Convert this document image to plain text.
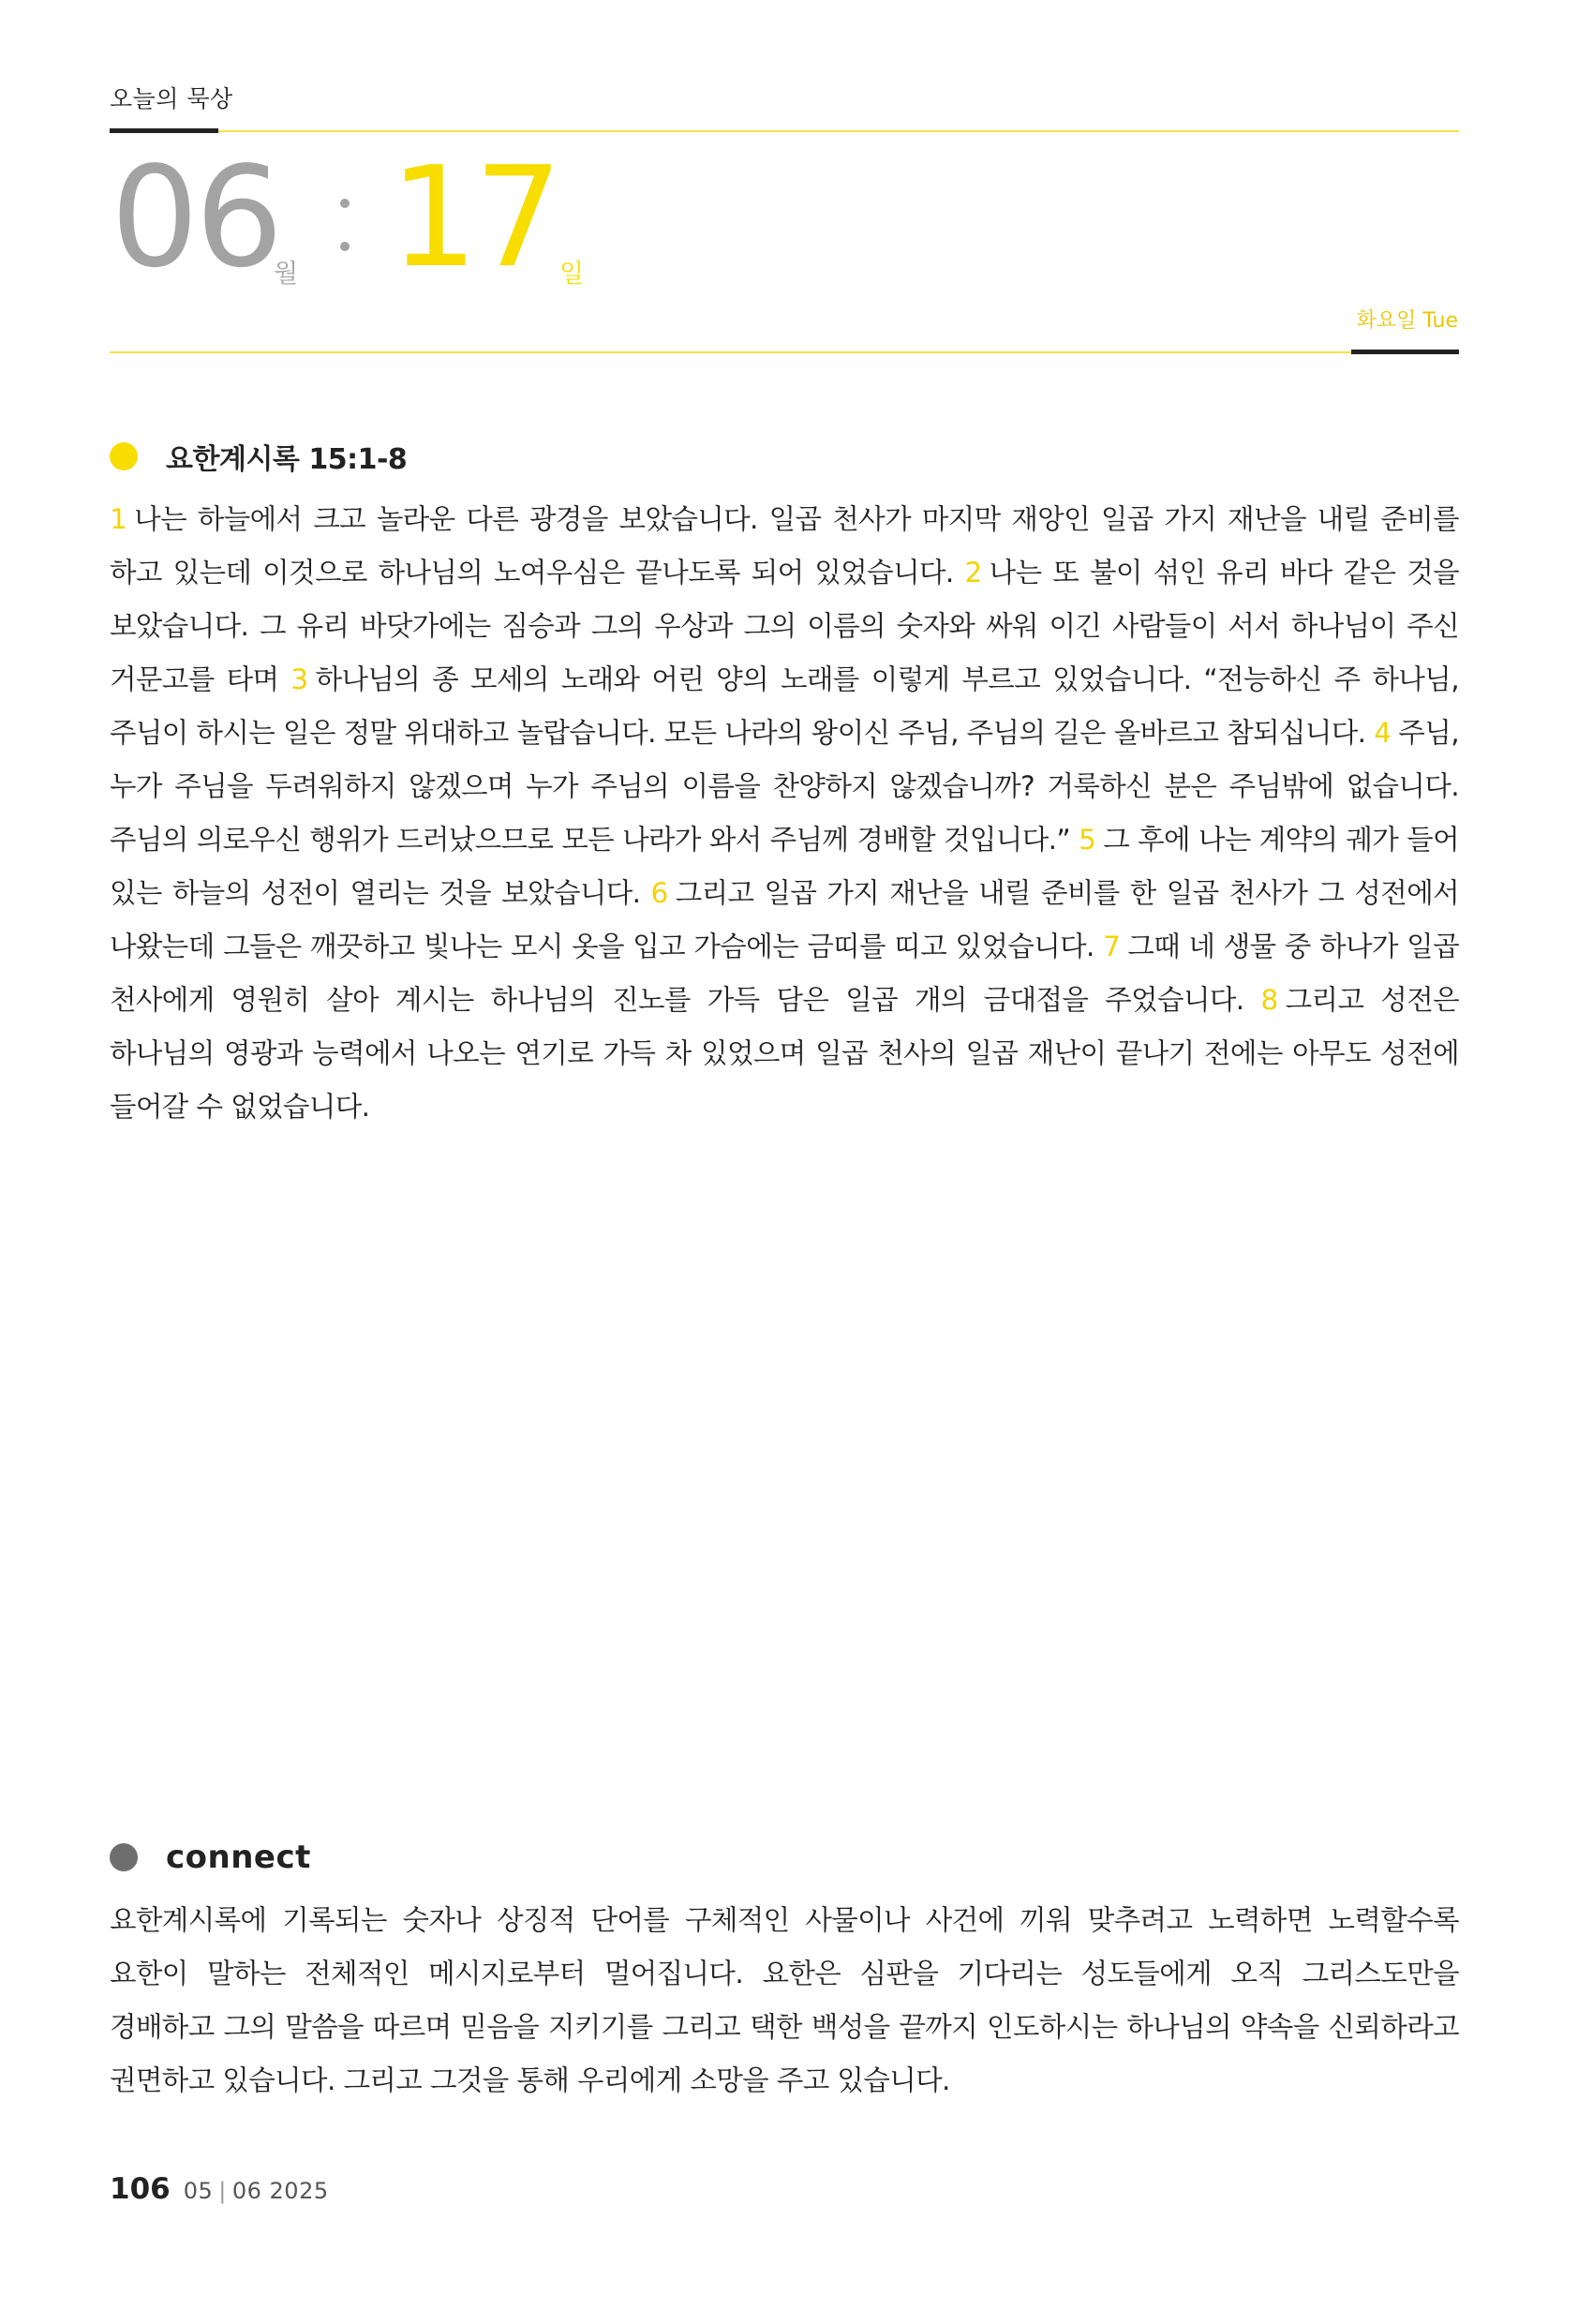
오늘의 묵상
06
월 17 일
화요일 Tue
요한계시록 15:1-8

1 나는 하늘에서 크고 놀라운 다른 광경을 보았습니다. 일곱 천사가 마지막 재앙인 일곱 가지 재난을 내릴 준비를 하고 있는데 이것으로 하나님의 노여우심은 끝나도록 되어 있었습니다. 2 나는 또 불이 섞인 유리 바다 같은 것을 보았습니다. 그 유리 바닷가에는 짐승과 그의 우상과 그의 이름의 숫자와 싸워 이긴 사람들이 서서 하나님이 주신 거문고를 타며 3 하나님의 종 모세의 노래와 어린 양의 노래를 이렇게 부르고 있었습니다. “전능하신 주 하나님, 주님이 하시는 일은 정말 위대하고 놀랍습니다. 모든 나라의 왕이신 주님, 주님의 길은 올바르고 참되십니다. 4 주님, 누가 주님을 두려워하지 않겠으며 누가 주님의 이름을 찬양하지 않겠습니까? 거룩하신 분은 주님밖에 없습니다. 주님의 의로우신 행위가 드러났으므로 모든 나라가 와서 주님께 경배할 것입니다.” 5 그 후에 나는 계약의 궤가 들어 있는 하늘의 성전이 열리는 것을 보았습니다. 6 그리고 일곱 가지 재난을 내릴 준비를 한 일곱 천사가 그 성전에서 나왔는데 그들은 깨끗하고 빛나는 모시 옷을 입고 가슴에는 금띠를 띠고 있었습니다. 7 그때 네 생물 중 하나가 일곱 천사에게 영원히 살아 계시는 하나님의 진노를 가득 담은 일곱 개의 금대접을 주었습니다. 8 그리고 성전은 하나님의 영광과 능력에서 나오는 연기로 가득 차 있었으며 일곱 천사의 일곱 재난이 끝나기 전에는 아무도 성전에 들어갈 수 없었습니다.

connect

요한계시록에 기록되는 숫자나 상징적 단어를 구체적인 사물이나 사건에 끼워 맞추려고 노력하면 노력할수록 요한이 말하는 전체적인 메시지로부터 멀어집니다. 요한은 심판을 기다리는 성도들에게 오직 그리스도만을 경배하고 그의 말씀을 따르며 믿음을 지키기를 그리고 택한 백성을 끝까지 인도하시는 하나님의 약속을 신뢰하라고 권면하고 있습니다. 그리고 그것을 통해 우리에게 소망을 주고 있습니다.

106 05 | 06 2025
